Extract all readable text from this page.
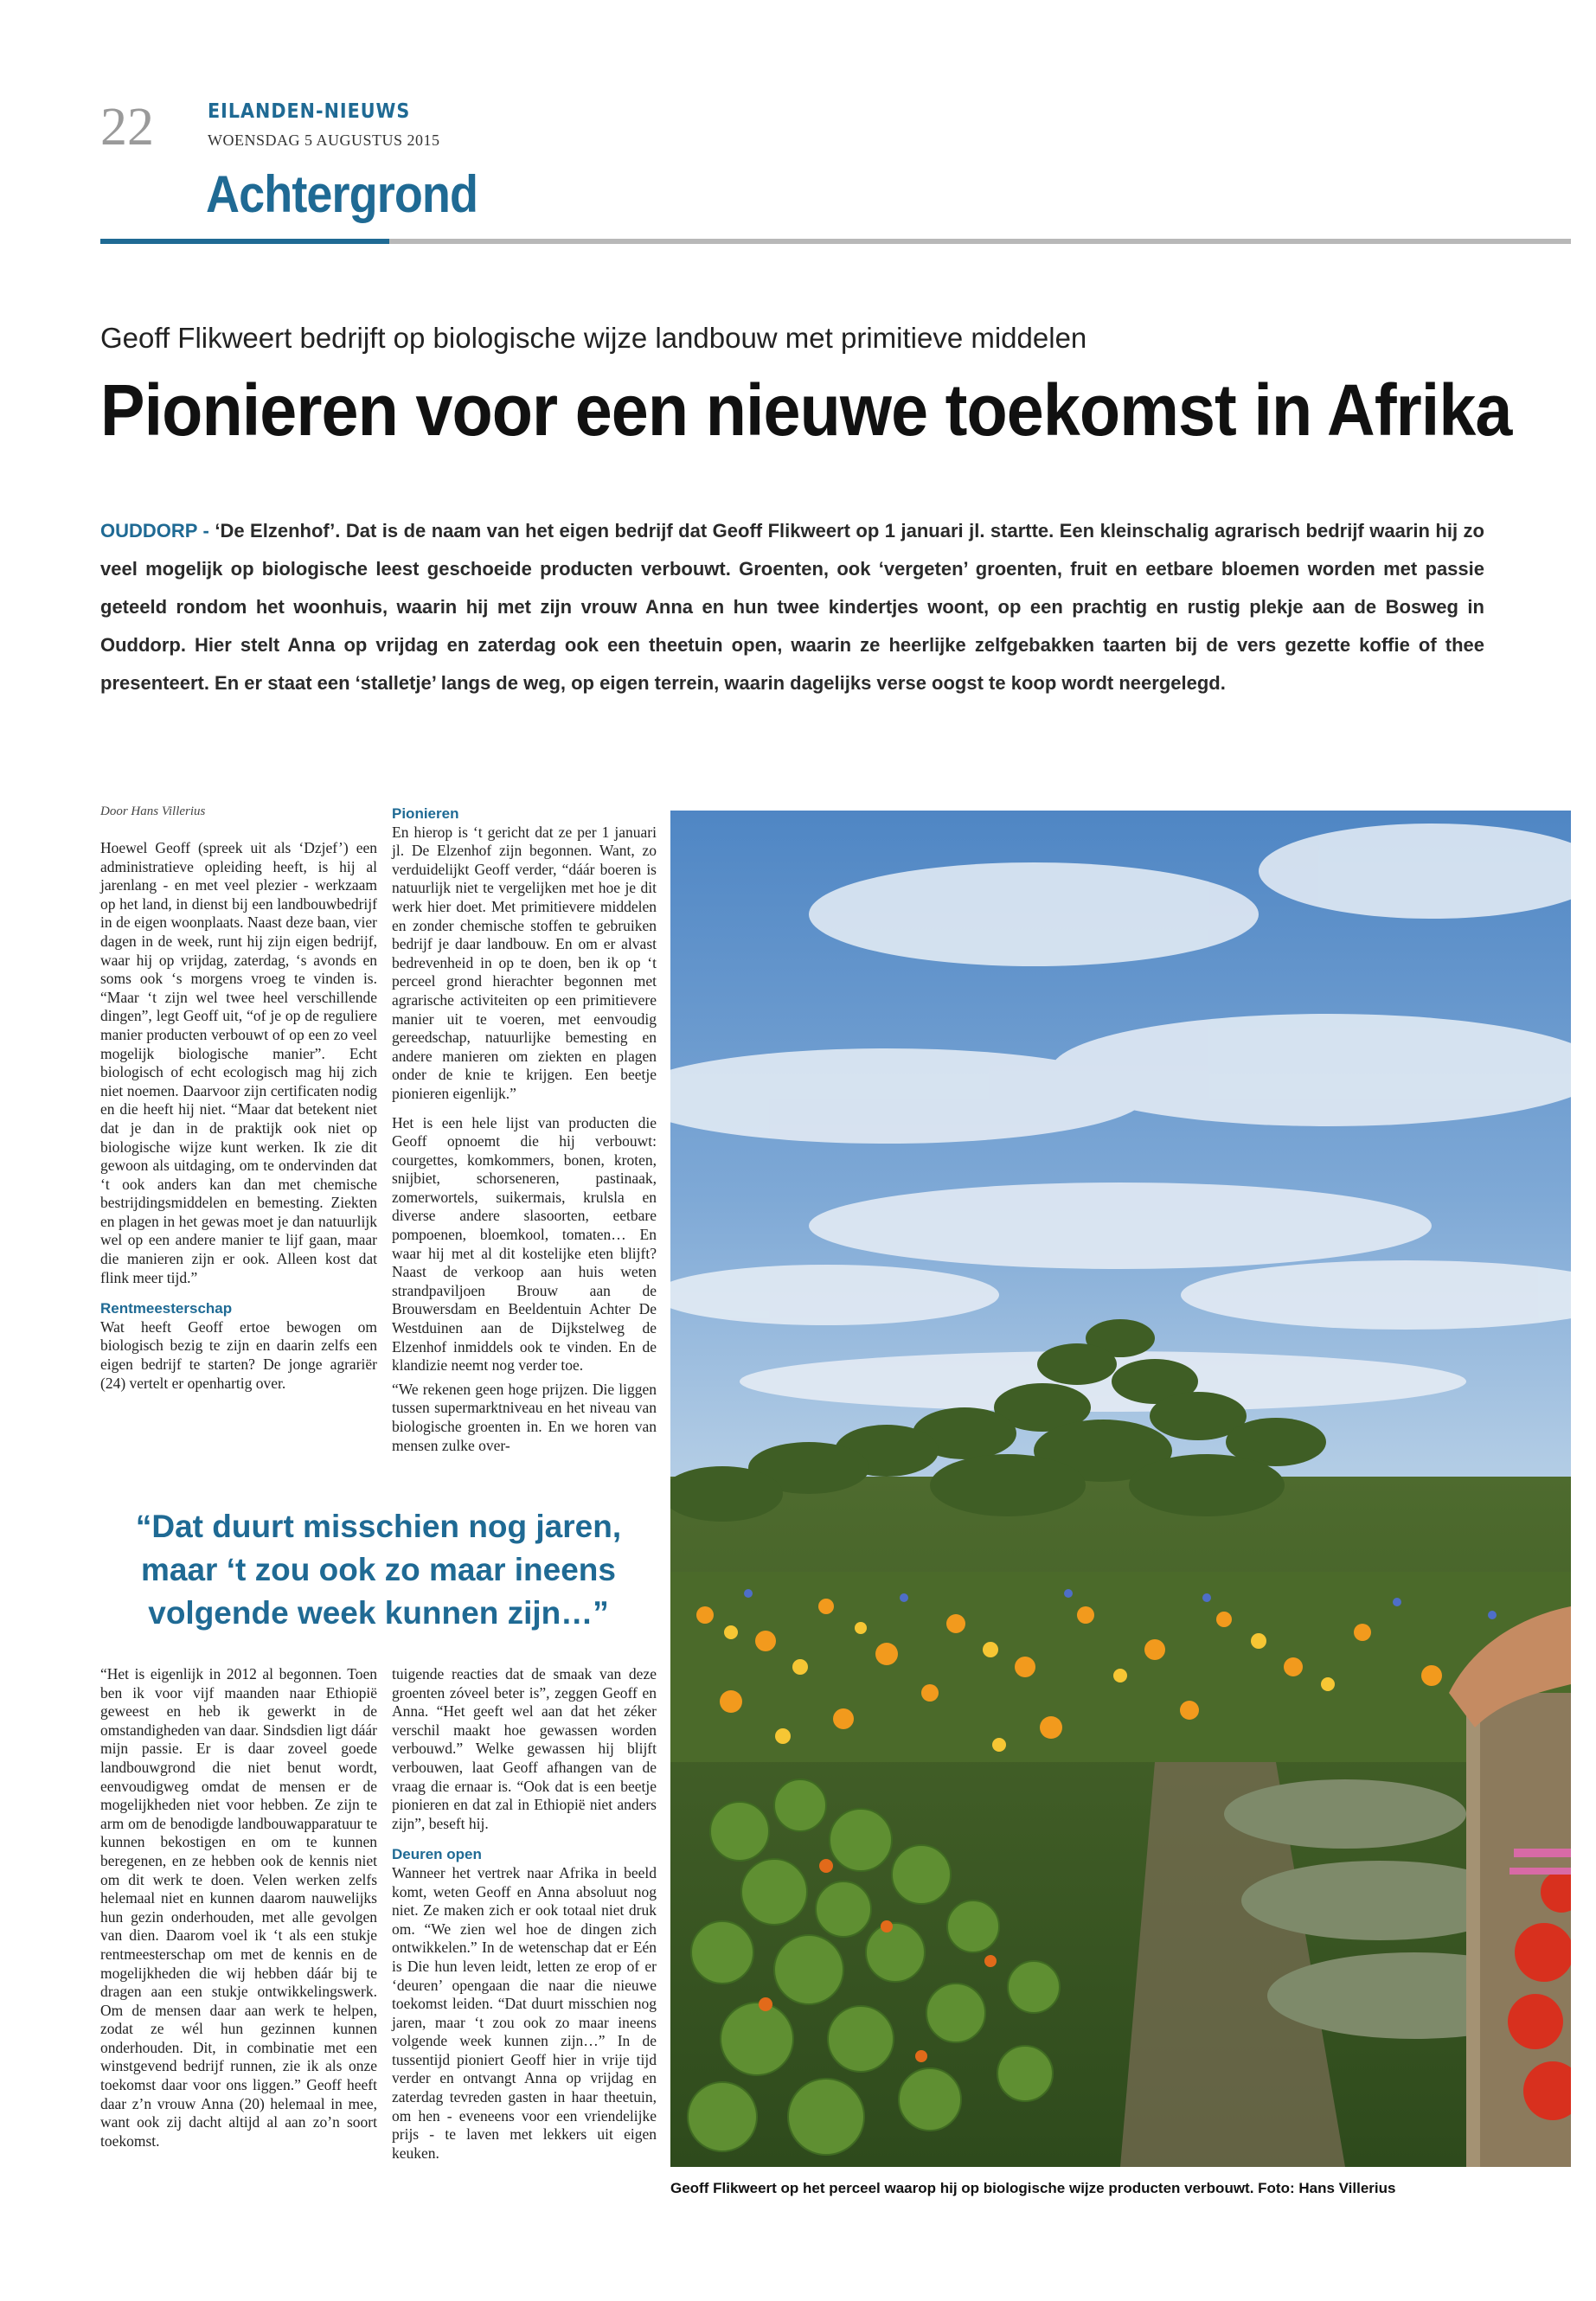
22	EILANDEN-NIEUWS
WOENSDAG 5 AUGUSTUS 2015
Achtergrond
Geoff Flikweert bedrijft op biologische wijze landbouw met primitieve middelen
Pionieren voor een nieuwe toekomst in Afrika
OUDDORP - ‘De Elzenhof’. Dat is de naam van het eigen bedrijf dat Geoff Flikweert op 1 januari jl. startte. Een kleinschalig agrarisch bedrijf waarin hij zo veel mogelijk op biologische leest geschoeide producten verbouwt. Groenten, ook ‘vergeten’ groenten, fruit en eetbare bloemen worden met passie geteeld rondom het woonhuis, waarin hij met zijn vrouw Anna en hun twee kindertjes woont, op een prachtig en rustig plekje aan de Bosweg in Ouddorp. Hier stelt Anna op vrijdag en zaterdag ook een theetuin open, waarin ze heerlijke zelfgebakken taarten bij de vers gezette koffie of thee presenteert. En er staat een ‘stalletje’ langs de weg, op eigen terrein, waarin dagelijks verse oogst te koop wordt neergelegd.
Door Hans Villerius

Hoewel Geoff (spreek uit als ‘Dzjef’) een administratieve opleiding heeft, is hij al jarenlang - en met veel plezier - werkzaam op het land, in dienst bij een landbouwbedrijf in de eigen woonplaats. Naast deze baan, vier dagen in de week, runt hij zijn eigen bedrijf, waar hij op vrijdag, zaterdag, ‘s avonds en soms ook ‘s morgens vroeg te vinden is. “Maar ‘t zijn wel twee heel verschillende dingen”, legt Geoff uit, “of je op de reguliere manier producten verbouwt of op een zo veel mogelijk biologische manier”. Echt biologisch of echt ecologisch mag hij zich niet noemen. Daarvoor zijn certificaten nodig en die heeft hij niet. “Maar dat betekent niet dat je dan in de praktijk ook niet op biologische wijze kunt werken. Ik zie dit gewoon als uitdaging, om te ondervinden dat ‘t ook anders kan dan met chemische bestrijdingsmiddelen en bemesting. Ziekten en plagen in het gewas moet je dan natuurlijk wel op een andere manier te lijf gaan, maar die manieren zijn er ook. Alleen kost dat flink meer tijd.”

Rentmeesterschap

Wat heeft Geoff ertoe bewogen om biologisch bezig te zijn en daarin zelfs een eigen bedrijf te starten? De jonge agrariër (24) vertelt er openhartig over.

Pionieren

En hierop is ‘t gericht dat ze per 1 januari jl. De Elzenhof zijn begonnen. Want, zo verduidelijkt Geoff verder, “dáár boeren is natuurlijk niet te vergelijken met hoe je dit werk hier doet. Met primitievere middelen en zonder chemische stoffen te gebruiken bedrijf je daar landbouw. En om er alvast bedrevenheid in op te doen, ben ik op ‘t perceel grond hierachter begonnen met agrarische activiteiten op een primitievere manier uit te voeren, met eenvoudig gereedschap, natuurlijke bemesting en andere manieren om ziekten en plagen onder de knie te krijgen. Een beetje pionieren eigenlijk.”

Het is een hele lijst van producten die Geoff opnoemt die hij verbouwt: courgettes, komkommers, bonen, kroten, snijbiet, schorseneren, pastinaak, zomerwortels, suikermais, krulsla en diverse andere slasoorten, eetbare pompoenen, bloemkool, tomaten… En waar hij met al dit kostelijke eten blijft? Naast de verkoop aan huis weten strandpaviljoen Brouw aan de Brouwersdam en Beeldentuin Achter De Westduinen aan de Dijkstelweg de Elzenhof inmiddels ook te vinden. En de klandizie neemt nog verder toe.

“We rekenen geen hoge prijzen. Die liggen tussen supermarktniveau en het niveau van biologische groenten in. En we horen van mensen zulke over-

“Dat duurt misschien nog jaren, maar ‘t zou ook zo maar ineens volgende week kunnen zijn…”

“Het is eigenlijk in 2012 al begonnen. Toen ben ik voor vijf maanden naar Ethiopië geweest en heb ik gewerkt in de omstandigheden van daar. Sindsdien ligt dáár mijn passie. Er is daar zoveel goede landbouwgrond die niet benut wordt, eenvoudigweg omdat de mensen er de mogelijkheden niet voor hebben. Ze zijn te arm om de benodigde landbouwapparatuur te kunnen bekostigen en om te kunnen beregenen, en ze hebben ook de kennis niet om dit werk te doen. Velen werken zelfs helemaal niet en kunnen daarom nauwelijks hun gezin onderhouden, met alle gevolgen van dien. Daarom voel ik ‘t als een stukje rentmeesterschap om met de kennis en de mogelijkheden die wij hebben dáár bij te dragen aan een stukje ontwikkelingswerk. Om de mensen daar aan werk te helpen, zodat ze wél hun gezinnen kunnen onderhouden. Dit, in combinatie met een winstgevend bedrijf runnen, zie ik als onze toekomst daar voor ons liggen.” Geoff heeft daar z’n vrouw Anna (20) helemaal in mee, want ook zij dacht altijd al aan zo’n soort toekomst.

tuigende reacties dat de smaak van deze groenten zóveel beter is”, zeggen Geoff en Anna. “Het geeft wel aan dat het zéker verschil maakt hoe gewassen worden verbouwd.” Welke gewassen hij blijft verbouwen, laat Geoff afhangen van de vraag die ernaar is. “Ook dat is een beetje pionieren en dat zal in Ethiopië niet anders zijn”, beseft hij.

Deuren open

Wanneer het vertrek naar Afrika in beeld komt, weten Geoff en Anna absoluut nog niet. Ze maken zich er ook totaal niet druk om. “We zien wel hoe de dingen zich ontwikkelen.” In de wetenschap dat er Eén is Die hun leven leidt, letten ze erop of er ‘deuren’ opengaan die naar die nieuwe toekomst leiden. “Dat duurt misschien nog jaren, maar ‘t zou ook zo maar ineens volgende week kunnen zijn…” In de tussentijd pioniert Geoff hier in vrije tijd verder en ontvangt Anna op vrijdag en zaterdag tevreden gasten in haar theetuin, om hen - eveneens voor een vriendelijke prijs - te laven met lekkers uit eigen keuken.

Geoff Flikweert op het perceel waarop hij op biologische wijze producten verbouwt. Foto: Hans Villerius
